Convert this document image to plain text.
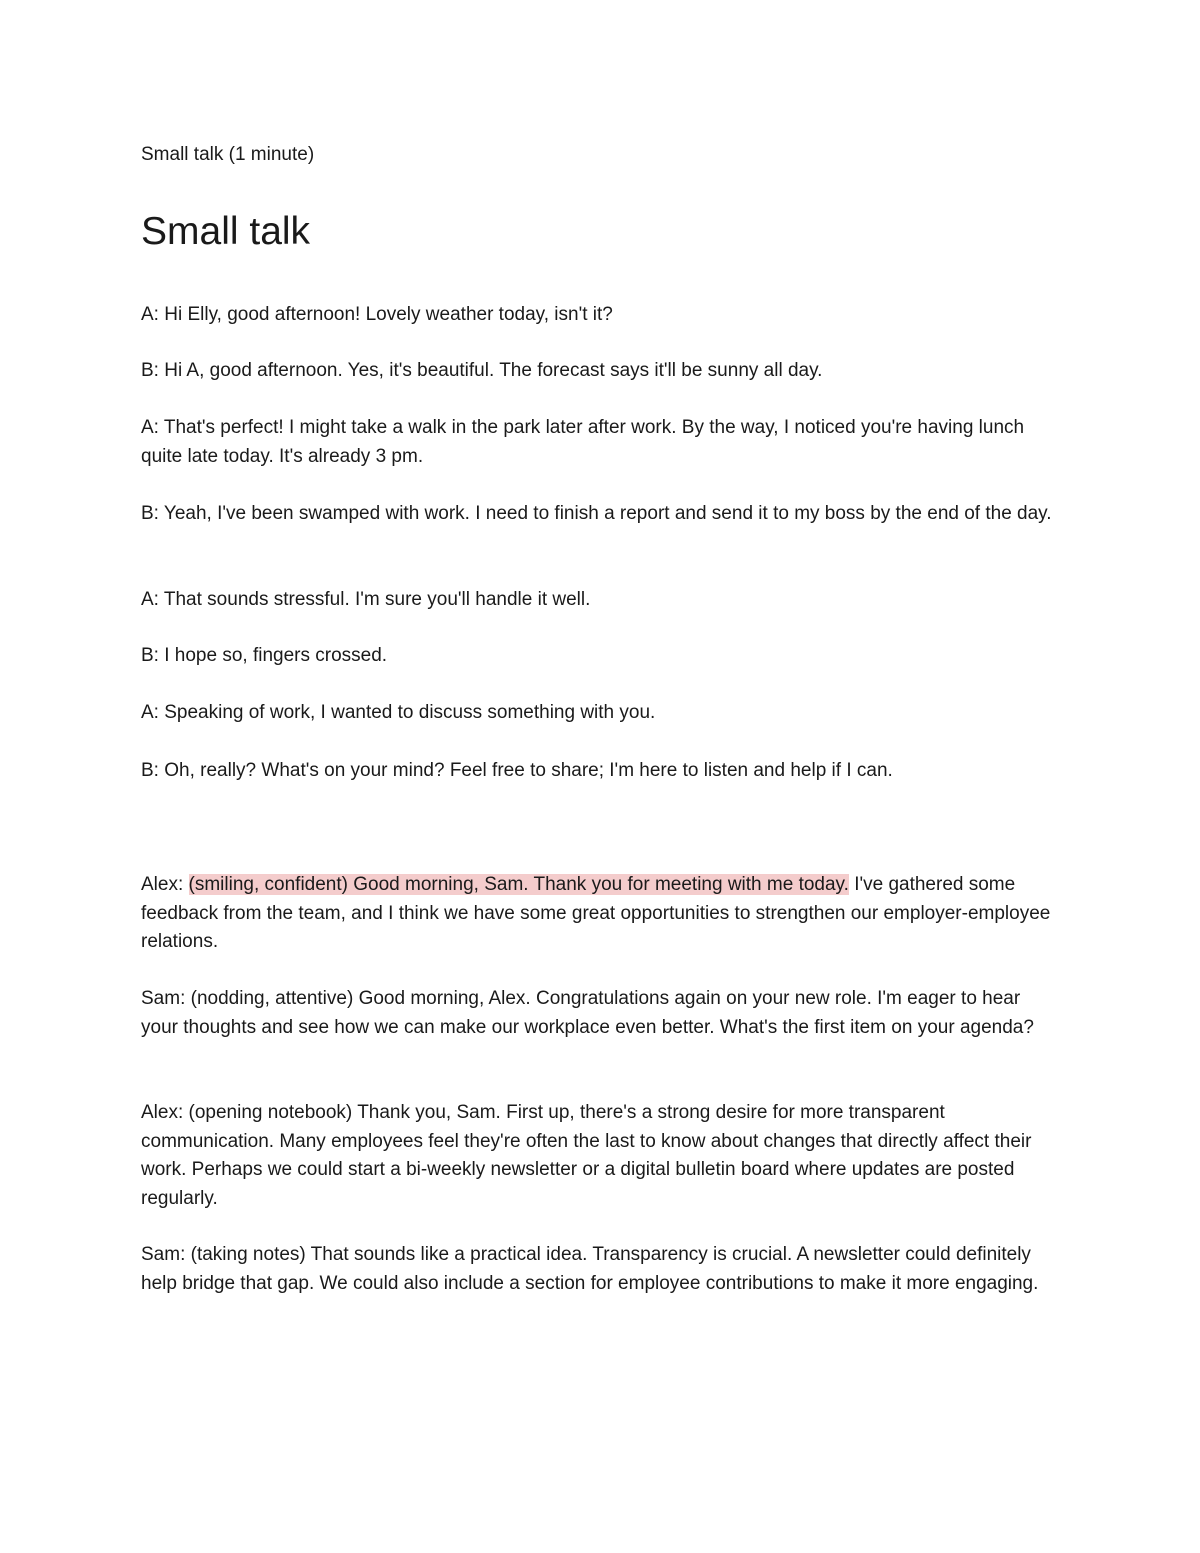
Small talk (1 minute)
Small talk

A: Hi Elly, good afternoon! Lovely weather today, isn't it?

B: Hi A, good afternoon. Yes, it's beautiful. The forecast says it'll be sunny all day.

A: That's perfect! I might take a walk in the park later after work. By the way, I noticed you're having lunch quite late today. It's already 3 pm.

B: Yeah, I've been swamped with work. I need to finish a report and send it to my boss by the end of the day.

A: That sounds stressful. I'm sure you'll handle it well.

B: I hope so, fingers crossed.

A: Speaking of work, I wanted to discuss something with you.

B: Oh, really? What's on your mind? Feel free to share; I'm here to listen and help if I can.

Alex: (smiling, confident) Good morning, Sam. Thank you for meeting with me today. I've gathered some feedback from the team, and I think we have some great opportunities to strengthen our employer-employee relations.

Sam: (nodding, attentive) Good morning, Alex. Congratulations again on your new role. I'm eager to hear your thoughts and see how we can make our workplace even better. What's the first item on your agenda?

Alex: (opening notebook) Thank you, Sam. First up, there's a strong desire for more transparent communication. Many employees feel they're often the last to know about changes that directly affect their work. Perhaps we could start a bi-weekly newsletter or a digital bulletin board where updates are posted regularly.

Sam: (taking notes) That sounds like a practical idea. Transparency is crucial. A newsletter could definitely help bridge that gap. We could also include a section for employee contributions to make it more engaging.
